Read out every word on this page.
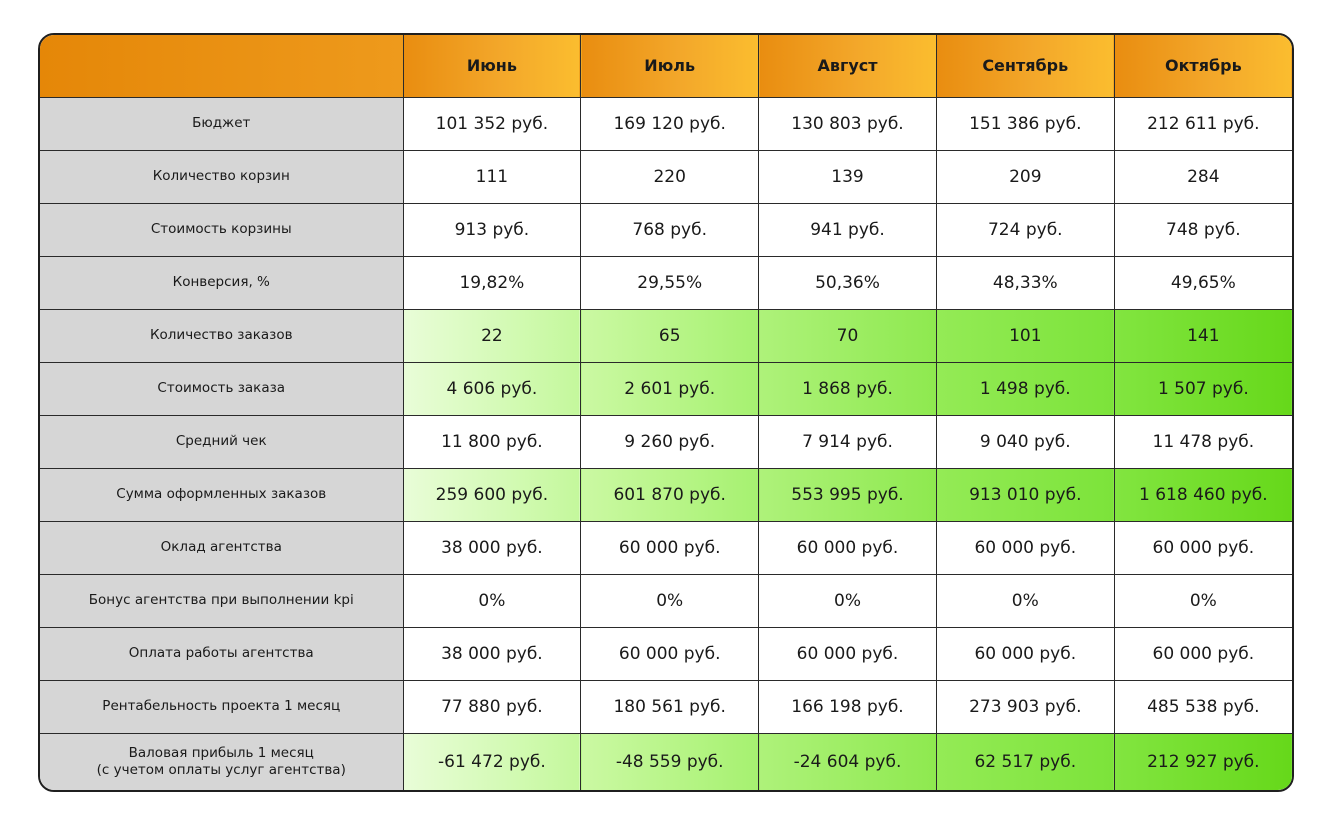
	Июнь	Июль	Август	Сентябрь	Октябрь
Бюджет	101 352 руб.	169 120 руб.	130 803 руб.	151 386 руб.	212 611 руб.
Количество корзин	111	220	139	209	284
Стоимость корзины	913 руб.	768 руб.	941 руб.	724 руб.	748 руб.
Конверсия, %	19,82%	29,55%	50,36%	48,33%	49,65%
Количество заказов	22	65	70	101	141
Стоимость заказа	4 606 руб.	2 601 руб.	1 868 руб.	1 498 руб.	1 507 руб.
Средний чек	11 800 руб.	9 260 руб.	7 914 руб.	9 040 руб.	11 478 руб.
Сумма оформленных заказов	259 600 руб.	601 870 руб.	553 995 руб.	913 010 руб.	1 618 460 руб.
Оклад агентства	38 000 руб.	60 000 руб.	60 000 руб.	60 000 руб.	60 000 руб.
Бонус агентства при выполнении kpi	0%	0%	0%	0%	0%
Оплата работы агентства	38 000 руб.	60 000 руб.	60 000 руб.	60 000 руб.	60 000 руб.
Рентабельность проекта 1 месяц	77 880 руб.	180 561 руб.	166 198 руб.	273 903 руб.	485 538 руб.

Валовая прибыль 1 месяц
(с учетом оплаты услуг агентства)	-61 472 руб.	-48 559 руб.	-24 604 руб.	62 517 руб.	212 927 руб.
